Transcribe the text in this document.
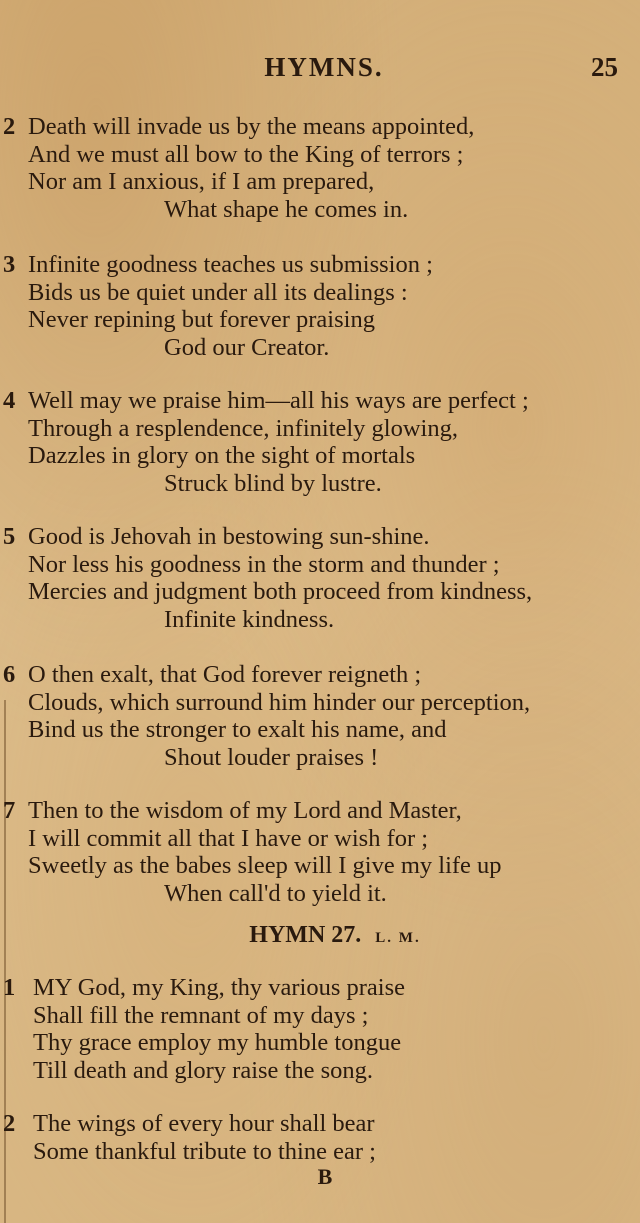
HYMNS.	25
2 Death will invade us by the means appointed,
And we must all bow to the King of terrors ;
Nor am I anxious, if I am prepared,
What shape he comes in.
3 Infinite goodness teaches us submission ;
Bids us be quiet under all its dealings :
Never repining but forever praising
God our Creator.
4 Well may we praise him—all his ways are perfect ;
Through a resplendence, infinitely glowing,
Dazzles in glory on the sight of mortals
Struck blind by lustre.
5 Good is Jehovah in bestowing sun-shine.
Nor less his goodness in the storm and thunder ;
Mercies and judgment both proceed from kindness,
Infinite kindness.
6 O then exalt, that God forever reigneth ;
Clouds, which surround him hinder our perception,
Bind us the stronger to exalt his name, and
Shout louder praises !
7 Then to the wisdom of my Lord and Master,
I will commit all that I have or wish for ;
Sweetly as the babes sleep will I give my life up
When call'd to yield it.
HYMN 27. L. M.
1 MY God, my King, thy various praise
Shall fill the remnant of my days ;
Thy grace employ my humble tongue
Till death and glory raise the song.
2 The wings of every hour shall bear
Some thankful tribute to thine ear ;
B
